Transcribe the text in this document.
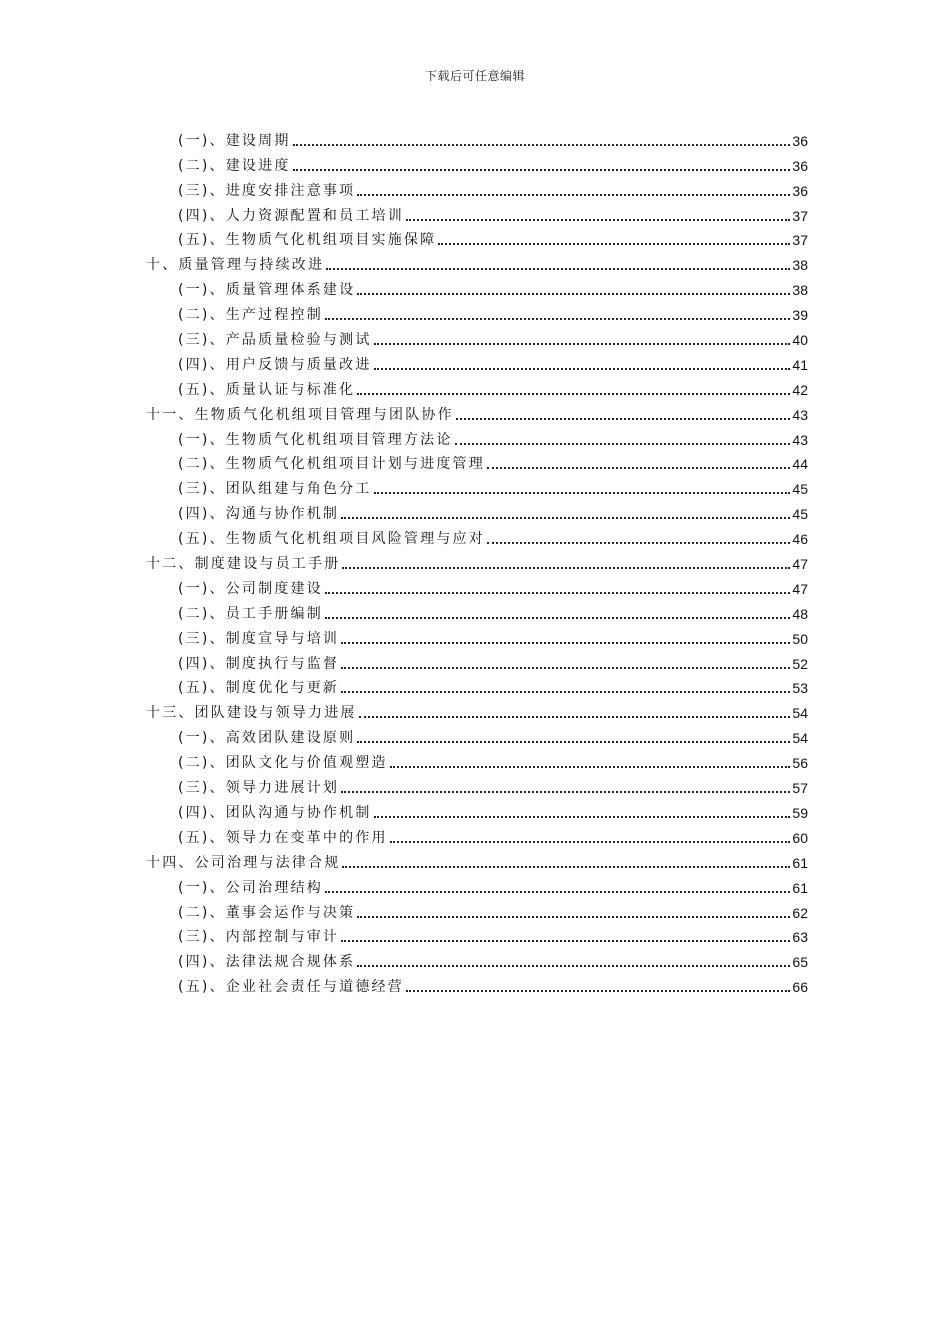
下载后可任意编辑
(一)、建设周期	36
(二)、建设进度	36
(三)、进度安排注意事项	36
(四)、人力资源配置和员工培训	37
(五)、生物质气化机组项目实施保障	37
十、质量管理与持续改进	38
(一)、质量管理体系建设	38
(二)、生产过程控制	39
(三)、产品质量检验与测试	40
(四)、用户反馈与质量改进	41
(五)、质量认证与标准化	42
十一、生物质气化机组项目管理与团队协作	43
(一)、生物质气化机组项目管理方法论	43
(二)、生物质气化机组项目计划与进度管理	44
(三)、团队组建与角色分工	45
(四)、沟通与协作机制	45
(五)、生物质气化机组项目风险管理与应对	46
十二、制度建设与员工手册	47
(一)、公司制度建设	47
(二)、员工手册编制	48
(三)、制度宣导与培训	50
(四)、制度执行与监督	52
(五)、制度优化与更新	53
十三、团队建设与领导力进展	54
(一)、高效团队建设原则	54
(二)、团队文化与价值观塑造	56
(三)、领导力进展计划	57
(四)、团队沟通与协作机制	59
(五)、领导力在变革中的作用	60
十四、公司治理与法律合规	61
(一)、公司治理结构	61
(二)、董事会运作与决策	62
(三)、内部控制与审计	63
(四)、法律法规合规体系	65
(五)、企业社会责任与道德经营	66
